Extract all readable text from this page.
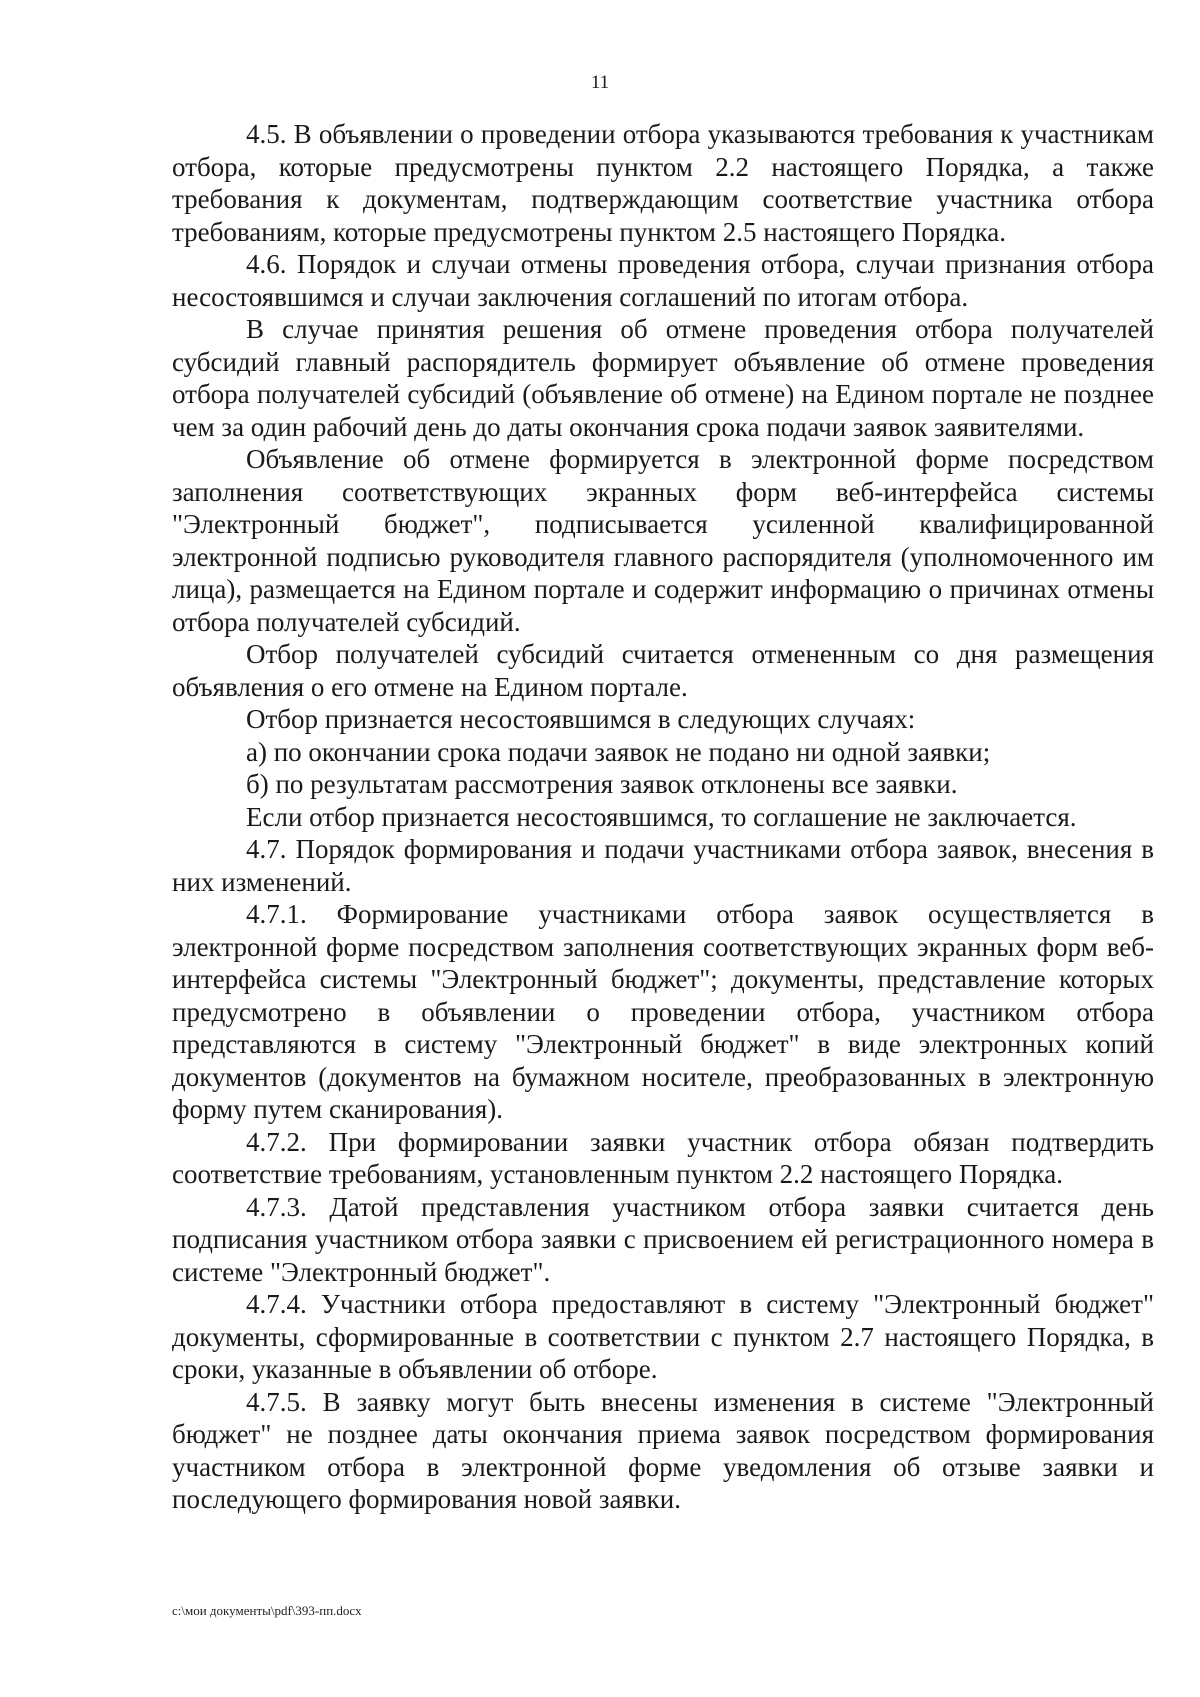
11

4.5. В объявлении о проведении отбора указываются требования к участникам отбора, которые предусмотрены пунктом 2.2 настоящего Порядка, а также требования к документам, подтверждающим соответствие участника отбора требованиям, которые предусмотрены пунктом 2.5 настоящего Порядка.

4.6. Порядок и случаи отмены проведения отбора, случаи признания отбора несостоявшимся и случаи заключения соглашений по итогам отбора.

В случае принятия решения об отмене проведения отбора получателей субсидий главный распорядитель формирует объявление об отмене проведения отбора получателей субсидий (объявление об отмене) на Едином портале не позднее чем за один рабочий день до даты окончания срока подачи заявок заявителями.

Объявление об отмене формируется в электронной форме посредством заполнения соответствующих экранных форм веб-интерфейса системы "Электронный бюджет", подписывается усиленной квалифицированной электронной подписью руководителя главного распорядителя (уполномоченного им лица), размещается на Едином портале и содержит информацию о причинах отмены отбора получателей субсидий.

Отбор получателей субсидий считается отмененным со дня размещения объявления о его отмене на Едином портале.

Отбор признается несостоявшимся в следующих случаях:

а) по окончании срока подачи заявок не подано ни одной заявки;

б) по результатам рассмотрения заявок отклонены все заявки.

Если отбор признается несостоявшимся, то соглашение не заключается.

4.7. Порядок формирования и подачи участниками отбора заявок, внесения в них изменений.

4.7.1. Формирование участниками отбора заявок осуществляется в электронной форме посредством заполнения соответствующих экранных форм веб-интерфейса системы "Электронный бюджет"; документы, представление которых предусмотрено в объявлении о проведении отбора, участником отбора представляются в систему "Электронный бюджет" в виде электронных копий документов (документов на бумажном носителе, преобразованных в электронную форму путем сканирования).

4.7.2. При формировании заявки участник отбора обязан подтвердить соответствие требованиям, установленным пунктом 2.2 настоящего Порядка.

4.7.3. Датой представления участником отбора заявки считается день подписания участником отбора заявки с присвоением ей регистрационного номера в системе "Электронный бюджет".

4.7.4. Участники отбора предоставляют в систему "Электронный бюджет" документы, сформированные в соответствии с пунктом 2.7 настоящего Порядка, в сроки, указанные в объявлении об отборе.

4.7.5. В заявку могут быть внесены изменения в системе "Электронный бюджет" не позднее даты окончания приема заявок посредством формирования участником отбора в электронной форме уведомления об отзыве заявки и последующего формирования новой заявки.

c:\мои документы\pdf\393-пп.docx
